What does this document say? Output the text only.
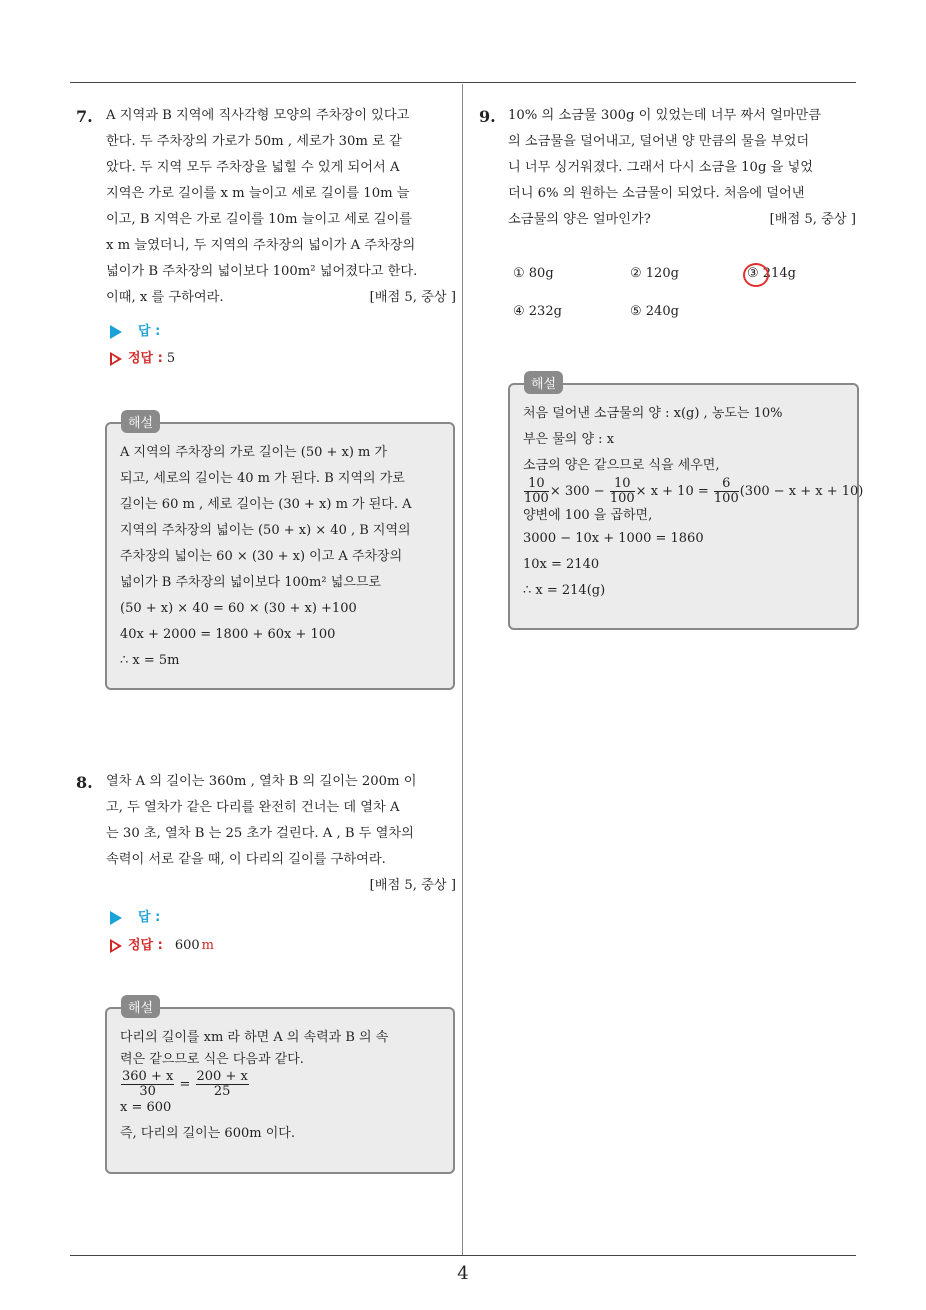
7. A 지역과 B 지역에 직사각형 모양의 주차장이 있다고
한다. 두 주차장의 가로가 50m , 세로가 30m 로 같
았다. 두 지역 모두 주차장을 넓힐 수 있게 되어서 A
지역은 가로 길이를 x m 늘이고 세로 길이를 10m 늘
이고, B 지역은 가로 길이를 10m 늘이고 세로 길이를
x m 늘였더니, 두 지역의 주차장의 넓이가 A 주차장의
넓이가 B 주차장의 넓이보다 100m² 넓어졌다고 한다.
이때, x 를 구하여라.	[배점 5, 중상 ]
답 :
정답 : 5
해설
A 지역의 주차장의 가로 길이는 (50 + x) m 가
되고, 세로의 길이는 40 m 가 된다. B 지역의 가로
길이는 60 m , 세로 길이는 (30 + x) m 가 된다. A
지역의 주차장의 넓이는 (50 + x) × 40 , B 지역의
주차장의 넓이는 60 × (30 + x) 이고 A 주차장의
넓이가 B 주차장의 넓이보다 100m² 넓으므로
(50 + x) × 40 = 60 × (30 + x) +100
40x + 2000 = 1800 + 60x + 100
∴ x = 5m
8. 열차 A 의 길이는 360m , 열차 B 의 길이는 200m 이
고, 두 열차가 같은 다리를 완전히 건너는 데 열차 A
는 30 초, 열차 B 는 25 초가 걸린다. A , B 두 열차의
속력이 서로 같을 때, 이 다리의 길이를 구하여라.
[배점 5, 중상 ]
답 :
정답 : 600 m
해설
다리의 길이를 xm 라 하면 A 의 속력과 B 의 속
력은 같으므로 식은 다음과 같다.
$\frac{360 + x}{30} = \frac{200 + x}{25}$
x = 600
즉, 다리의 길이는 600m 이다.
9. 10% 의 소금물 300g 이 있었는데 너무 짜서 얼마만큼
의 소금물을 덜어내고, 덜어낸 양 만큼의 물을 부었더
니 너무 싱거워졌다. 그래서 다시 소금을 10g 을 넣었
더니 6% 의 원하는 소금물이 되었다. 처음에 덜어낸
소금물의 양은 얼마인가?	[배점 5, 중상 ]
① 80g	② 120g	③ 214g
④ 232g	⑤ 240g
해설
처음 덜어낸 소금물의 양 : x(g) , 농도는 10%
부은 물의 양 : x
소금의 양은 같으므로 식을 세우면,
$\frac{10}{100} \times 300 - \frac{10}{100} \times x + 10 = \frac{6}{100} (300 - x + x + 10)$
양변에 100 을 곱하면,
3000 − 10x + 1000 = 1860
10x = 2140
∴ x = 214(g)
4
